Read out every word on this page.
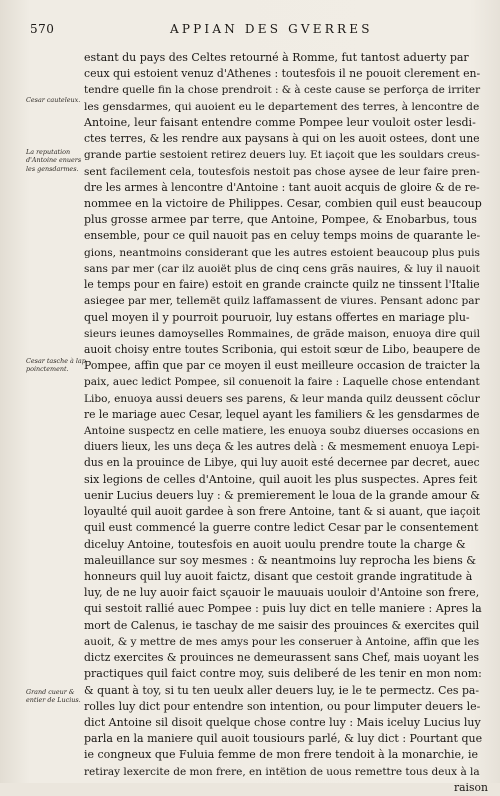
570	APPIAN DES GVERRES
Cesar cauteleux.
La reputation d'Antoine enuers les gensdarmes.
Cesar tasche à lap poinctement.
Grand cueur & entier de Lucius.
estant du pays des Celtes retourné à Romme, fut tantost aduerty par
ceux qui estoient venuz d'Athenes : toutesfois il ne pouoit clerement en-
tendre quelle fin la chose prendroit : & à ceste cause se perforça de irriter
les gensdarmes, qui auoient eu le departement des terres, à lencontre de
Antoine, leur faisant entendre comme Pompee leur vouloit oster lesdi-
ctes terres, & les rendre aux paysans à qui on les auoit ostees, dont une
grande partie sestoient retirez deuers luy. Et iaçoit que les souldars creus-
sent facilement cela, toutesfois nestoit pas chose aysee de leur faire pren-
dre les armes à lencontre d'Antoine : tant auoit acquis de gloire & de re-
nommee en la victoire de Philippes. Cesar, combien quil eust beaucoup
plus grosse armee par terre, que Antoine, Pompee, & Enobarbus, tous
ensemble, pour ce quil nauoit pas en celuy temps moins de quarante le-
gions, neantmoins considerant que les autres estoient beaucoup plus puis
sans par mer (car ilz auoiët plus de cinq cens grãs nauires, & luy il nauoit
le temps pour en faire) estoit en grande craincte quilz ne tinssent l'Italie
asiegee par mer, tellemët quilz laffamassent de viures. Pensant adonc par
quel moyen il y pourroit pouruoir, luy estans offertes en mariage plu-
sieurs ieunes damoyselles Rommaines, de grãde maison, enuoya dire quil
auoit choisy entre toutes Scribonia, qui estoit sœur de Libo, beaupere de
Pompee, affin que par ce moyen il eust meilleure occasion de traicter la
paix, auec ledict Pompee, sil conuenoit la faire : Laquelle chose entendant
Libo, enuoya aussi deuers ses parens, & leur manda quilz deussent cõclur
re le mariage auec Cesar, lequel ayant les familiers & les gensdarmes de
Antoine suspectz en celle matiere, les enuoya soubz diuerses occasions en
diuers lieux, les uns deça & les autres delà : & mesmement enuoya Lepi-
dus en la prouince de Libye, qui luy auoit esté decernee par decret, auec
six legions de celles d'Antoine, quil auoit les plus suspectes. Apres feit
uenir Lucius deuers luy : & premierement le loua de la grande amour &
loyaulté quil auoit gardee à son frere Antoine, tant & si auant, que iaçoit
quil eust commencé la guerre contre ledict Cesar par le consentement
diceluy Antoine, toutesfois en auoit uoulu prendre toute la charge &
maleuillance sur soy mesmes : & neantmoins luy reprocha les biens &
honneurs quil luy auoit faictz, disant que cestoit grande ingratitude à
luy, de ne luy auoir faict sçauoir le mauuais uouloir d'Antoine son frere,
qui sestoit rallié auec Pompee : puis luy dict en telle maniere : Apres la
mort de Calenus, ie taschay de me saisir des prouinces & exercites quil
auoit, & y mettre de mes amys pour les conseruer à Antoine, affin que les
dictz exercites & prouinces ne demeurassent sans Chef, mais uoyant les
practiques quil faict contre moy, suis deliberé de les tenir en mon nom:
& quant à toy, si tu ten ueulx aller deuers luy, ie le te permectz. Ces pa-
rolles luy dict pour entendre son intention, ou pour limputer deuers le-
dict Antoine sil disoit quelque chose contre luy : Mais iceluy Lucius luy
parla en la maniere quil auoit tousiours parlé, & luy dict : Pourtant que
ie congneux que Fuluia femme de mon frere tendoit à la monarchie, ie
retiray lexercite de mon frere, en intëtion de uous remettre tous deux à la
raison
